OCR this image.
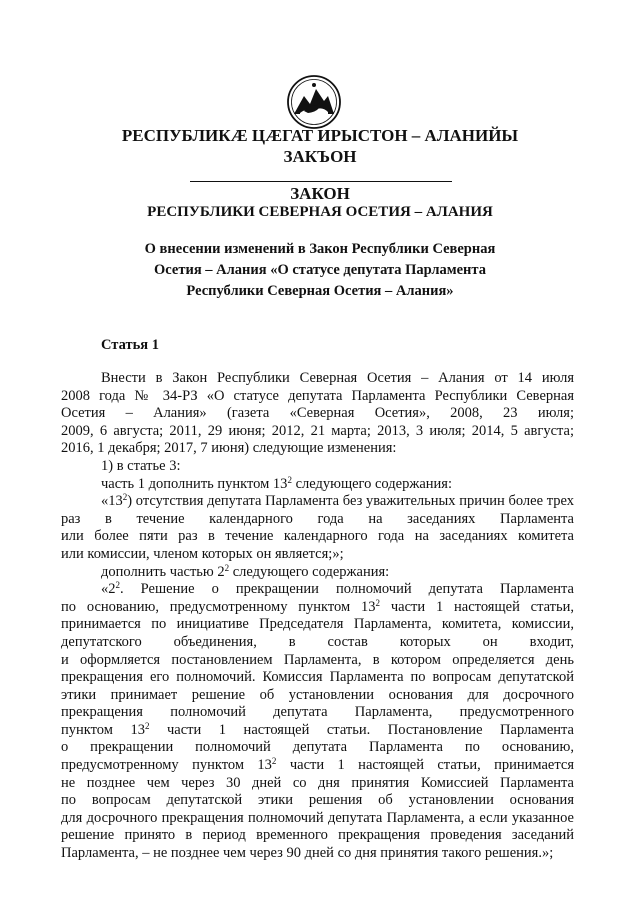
РЕСПУБЛИКӔ ЦӔГАТ ИРЫСТОН – АЛАНИЙЫ
ЗАКЪОН
ЗАКОН
РЕСПУБЛИКИ СЕВЕРНАЯ ОСЕТИЯ – АЛАНИЯ
О внесении изменений в Закон Республики Северная
Осетия – Алания «О статусе депутата Парламента
Республики Северная Осетия – Алания»
Статья 1

Внести в Закон Республики Северная Осетия – Алания от 14 июля

2008 года № 34-РЗ «О статусе депутата Парламента Республики Северная

Осетия – Алания» (газета «Северная Осетия», 2008, 23 июля;

2009, 6 августа; 2011, 29 июня; 2012, 21 марта; 2013, 3 июля; 2014, 5 августа;

2016, 1 декабря; 2017, 7 июня) следующие изменения:

1) в статье 3:

часть 1 дополнить пунктом $13^2$ следующего содержания:

«$13^2$) отсутствия депутата Парламента без уважительных причин более трех

раз в течение календарного года на заседаниях Парламента

или более пяти раз в течение календарного года на заседаниях комитета

или комиссии, членом которых он является;»;

дополнить частью $2^2$ следующего содержания:

«$2^2$. Решение о прекращении полномочий депутата Парламента

по основанию, предусмотренному пунктом $13^2$ части 1 настоящей статьи,

принимается по инициативе Председателя Парламента, комитета, комиссии,

депутатского объединения, в состав которых он входит,

и оформляется постановлением Парламента, в котором определяется день

прекращения его полномочий. Комиссия Парламента по вопросам депутатской

этики принимает решение об установлении основания для досрочного

прекращения полномочий депутата Парламента, предусмотренного

пунктом $13^2$ части 1 настоящей статьи. Постановление Парламента

о прекращении полномочий депутата Парламента по основанию,

предусмотренному пунктом $13^2$ части 1 настоящей статьи, принимается

не позднее чем через 30 дней со дня принятия Комиссией Парламента

по вопросам депутатской этики решения об установлении основания

для досрочного прекращения полномочий депутата Парламента, а если указанное

решение принято в период временного прекращения проведения заседаний

Парламента, – не позднее чем через 90 дней со дня принятия такого решения.»;
